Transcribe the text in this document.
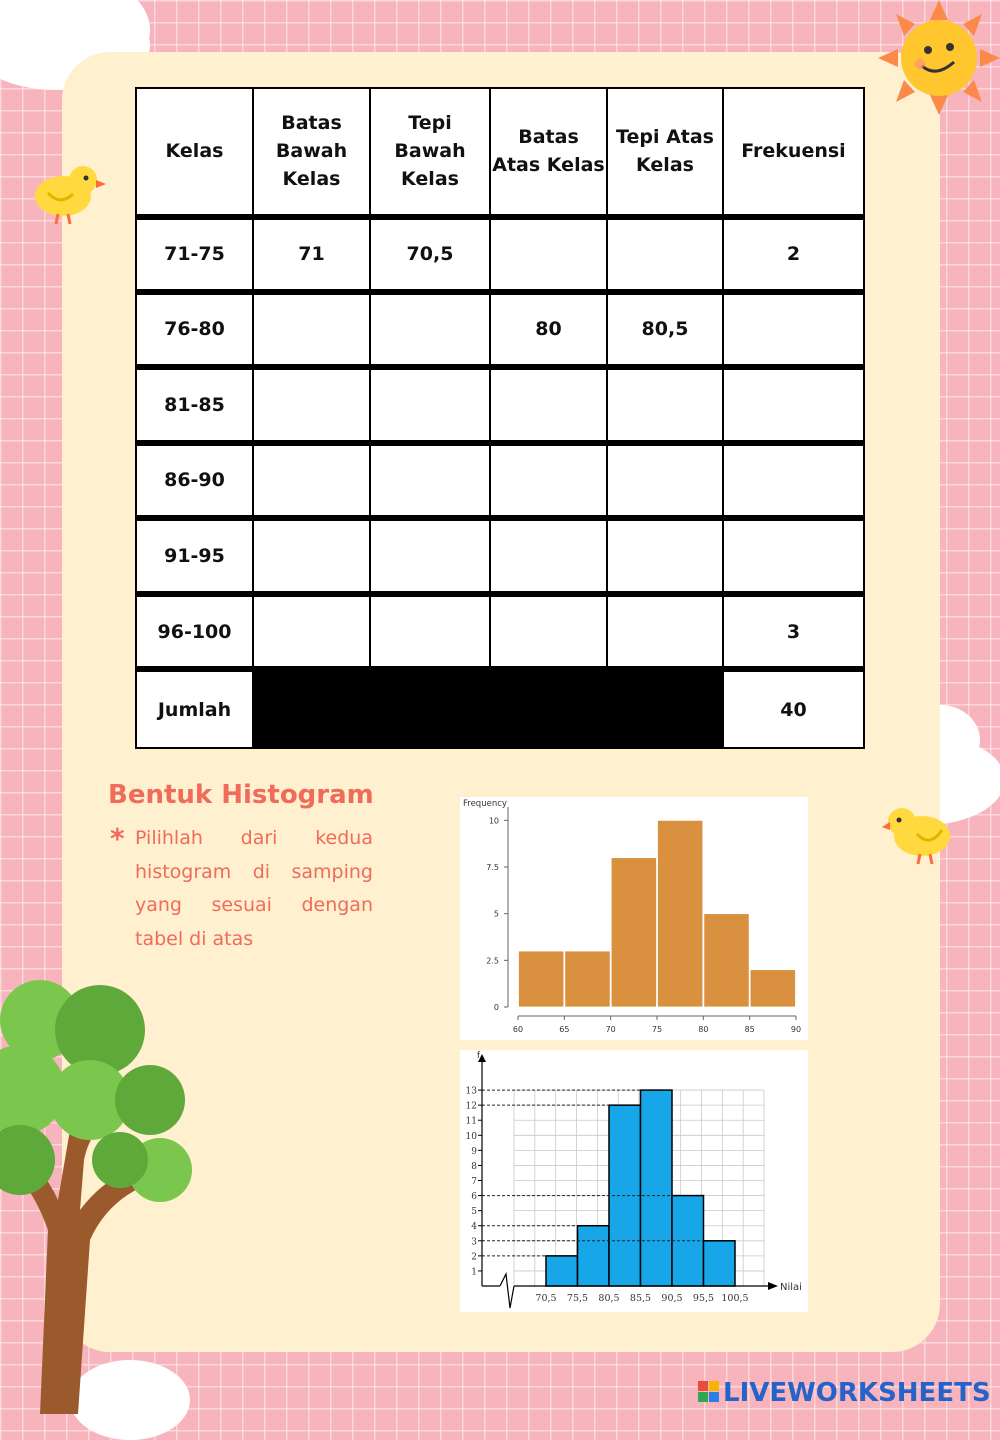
Kelas	Batas Bawah Kelas	Tepi Bawah Kelas	Batas Atas Kelas	Tepi Atas Kelas	Frekuensi
71-75	71	70,5			2
76-80			80	80,5	
81-85					
86-90					
91-95					
96-100					3
Jumlah					40
Bentuk Histogram
* Pilihlah dari kedua histogram di samping yang sesuai dengan tabel di atas
Frequency
0
2.5
5
7.5
10
60	65	70	75	80	85	90
f
Nilai
1
2
3
4
5
6
7
8
9
10
11
12
13
70,5 75,5 80,5 85,5 90,5 95,5 100,5
LIVEWORKSHEETS
